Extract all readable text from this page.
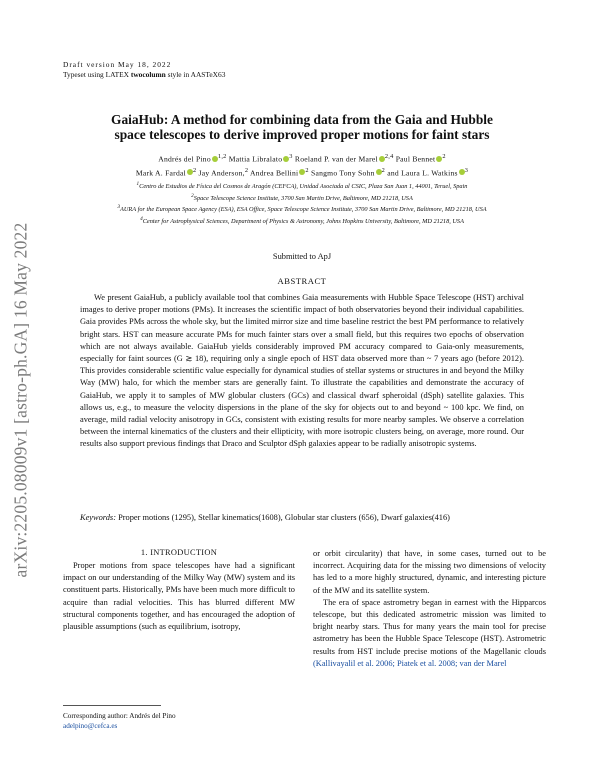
arXiv:2205.08009v1 [astro-ph.GA] 16 May 2022
Draft version May 18, 2022
Typeset using LATEX twocolumn style in AASTeX63
GaiaHub: A method for combining data from the Gaia and Hubble
space telescopes to derive improved proper motions for faint stars
Andrés del Pino $^{1,2}$ Mattia Libralato $^3$ Roeland P. van der Marel $^{2,4}$ Paul Bennet $^2$
Mark A. Fardal $^2$ Jay Anderson,$^2$ Andrea Bellini $^2$ Sangmo Tony Sohn $^2$ and Laura L. Watkins $^3$
$^1$Centro de Estudios de Física del Cosmos de Aragón (CEFCA), Unidad Asociada al CSIC, Plaza San Juan 1, 44001, Teruel, Spain
$^2$Space Telescope Science Institute, 3700 San Martin Drive, Baltimore, MD 21218, USA
$^3$AURA for the European Space Agency (ESA), ESA Office, Space Telescope Science Institute, 3700 San Martin Drive, Baltimore, MD 21218, USA
$^4$Center for Astrophysical Sciences, Department of Physics & Astronomy, Johns Hopkins University, Baltimore, MD 21218, USA
Submitted to ApJ
ABSTRACT
We present GaiaHub, a publicly available tool that combines Gaia measurements with Hubble Space Telescope (HST) archival images to derive proper motions (PMs). It increases the scientific impact of both observatories beyond their individual capabilities. Gaia provides PMs across the whole sky, but the limited mirror size and time baseline restrict the best PM performance to relatively bright stars. HST can measure accurate PMs for much fainter stars over a small field, but this requires two epochs of observation which are not always available. GaiaHub yields considerably improved PM accuracy compared to Gaia-only measurements, especially for faint sources (G ≳ 18), requiring only a single epoch of HST data observed more than ~ 7 years ago (before 2012). This provides considerable scientific value especially for dynamical studies of stellar systems or structures in and beyond the Milky Way (MW) halo, for which the member stars are generally faint. To illustrate the capabilities and demonstrate the accuracy of GaiaHub, we apply it to samples of MW globular clusters (GCs) and classical dwarf spheroidal (dSph) satellite galaxies. This allows us, e.g., to measure the velocity dispersions in the plane of the sky for objects out to and beyond ~ 100 kpc. We find, on average, mild radial velocity anisotropy in GCs, consistent with existing results for more nearby samples. We observe a correlation between the internal kinematics of the clusters and their ellipticity, with more isotropic clusters being, on average, more round. Our results also support previous findings that Draco and Sculptor dSph galaxies appear to be radially anisotropic systems.
Keywords: Proper motions (1295), Stellar kinematics(1608), Globular star clusters (656), Dwarf galaxies(416)
1. INTRODUCTION
Proper motions from space telescopes have had a significant impact on our understanding of the Milky Way (MW) system and its constituent parts. Historically, PMs have been much more difficult to acquire than radial velocities. This has blurred different MW structural components together, and has encouraged the adoption of plausible assumptions (such as equilibrium, isotropy,

or orbit circularity) that have, in some cases, turned out to be incorrect. Acquiring data for the missing two dimensions of velocity has led to a more highly structured, dynamic, and interesting picture of the MW and its satellite system.

The era of space astrometry began in earnest with the Hipparcos telescope, but this dedicated astrometric mission was limited to bright nearby stars. Thus for many years the main tool for precise astrometry has been the Hubble Space Telescope (HST). Astrometric results from HST include precise motions of the Magellanic clouds (Kallivayalil et al. 2006; Piatek et al. 2008; van der Marel

Corresponding author: Andrés del Pino
adelpino@cefca.es
